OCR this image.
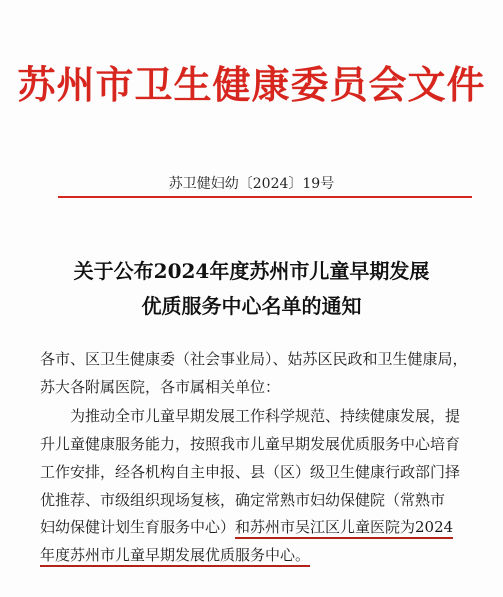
苏州市卫生健康委员会文件
苏卫健妇幼〔2024〕19号
关于公布2024年度苏州市儿童早期发展
优质服务中心名单的通知
各市、区卫生健康委（社会事业局）、姑苏区民政和卫生健康局，
苏大各附属医院，各市属相关单位：
为推动全市儿童早期发展工作科学规范、持续健康发展，提
升儿童健康服务能力，按照我市儿童早期发展优质服务中心培育
工作安排，经各机构自主申报、县（区）级卫生健康行政部门择
优推荐、市级组织现场复核，确定常熟市妇幼保健院（常熟市
妇幼保健计划生育服务中心）和苏州市吴江区儿童医院为2024
年度苏州市儿童早期发展优质服务中心。
